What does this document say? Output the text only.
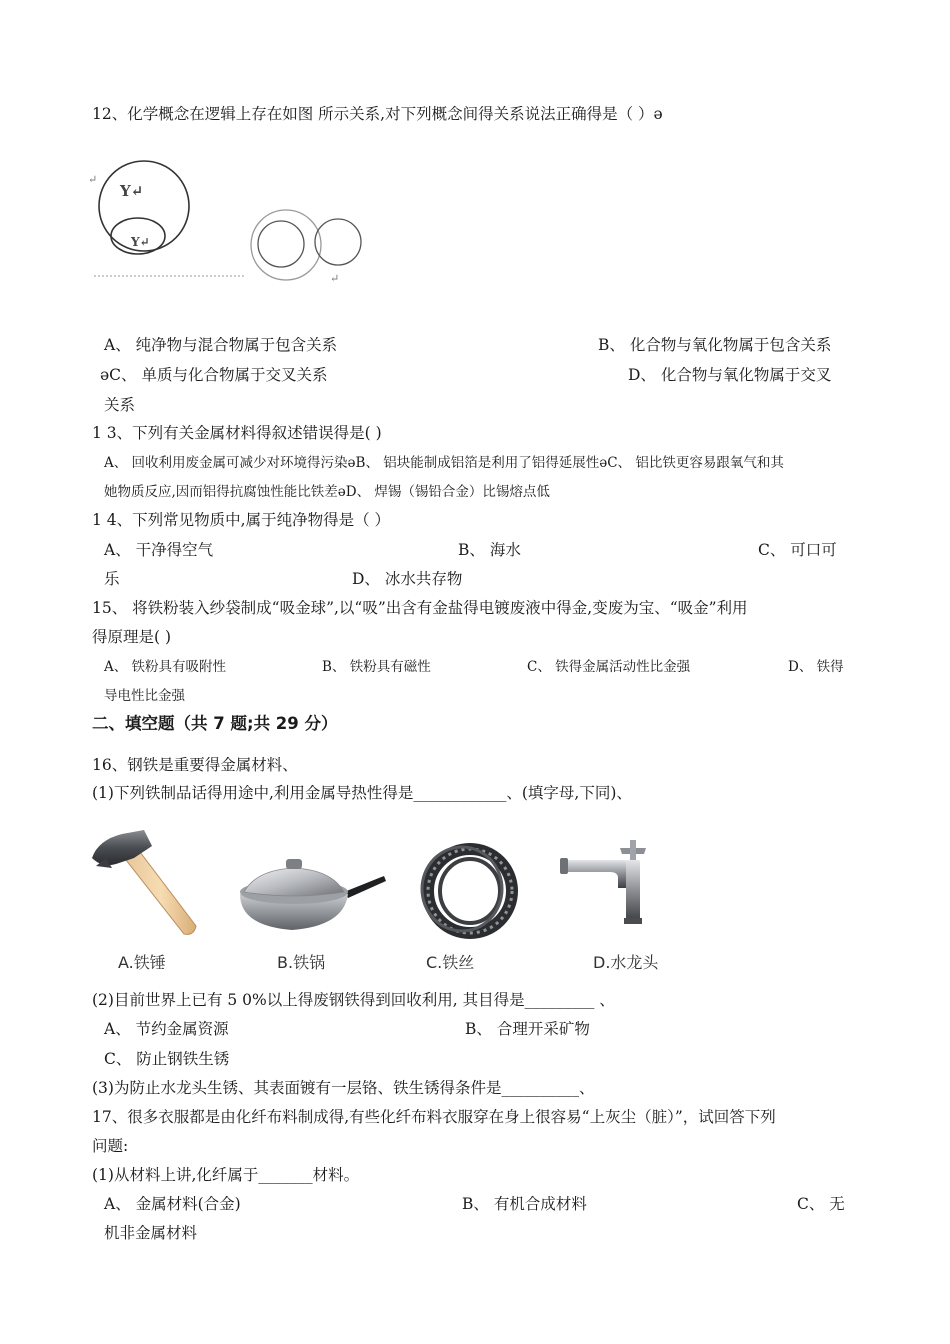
12、化学概念在逻辑上存在如图 所示关系,对下列概念间得关系说法正确得是（ ）ǝ
↵
Y↵
Y↵
↵
A、 纯净物与混合物属于包含关系	B、 化合物与氧化物属于包含关系
ǝC、 单质与化合物属于交叉关系	D、 化合物与氧化物属于交叉
关系
1 3、下列有关金属材料得叙述错误得是( )
A、 回收利用废金属可减少对环境得污染ǝB、 铝块能制成铝箔是利用了铝得延展性ǝC、 铝比铁更容易跟氧气和其
她物质反应,因而铝得抗腐蚀性能比铁差ǝD、 焊锡（锡铅合金）比锡熔点低
1 4、下列常见物质中,属于纯净物得是（ ）
A、 干净得空气	B、 海水	C、 可口可
乐	D、 冰水共存物
15、 将铁粉装入纱袋制成“吸金球”,以“吸”出含有金盐得电镀废液中得金,变废为宝、“吸金”利用
得原理是( )
A、 铁粉具有吸附性	B、 铁粉具有磁性	C、 铁得金属活动性比金强	D、 铁得
导电性比金强
二、填空题（共 7 题;共 29 分）
16、钢铁是重要得金属材料、
(1)下列铁制品话得用途中,利用金属导热性得是____________、(填字母,下同)、
A.铁锤	B.铁锅	C.铁丝	D.水龙头
(2)目前世界上已有 5 0%以上得废钢铁得到回收利用, 其目得是_________ 、
A、 节约金属资源	B、 合理开采矿物
C、 防止钢铁生锈
(3)为防止水龙头生锈、其表面镀有一层铬、铁生锈得条件是__________、
17、很多衣服都是由化纤布料制成得,有些化纤布料衣服穿在身上很容易“上灰尘（脏）”，试回答下列
问题:
(1)从材料上讲,化纤属于_______材料。
A、 金属材料(合金)	B、 有机合成材料	C、 无
机非金属材料
